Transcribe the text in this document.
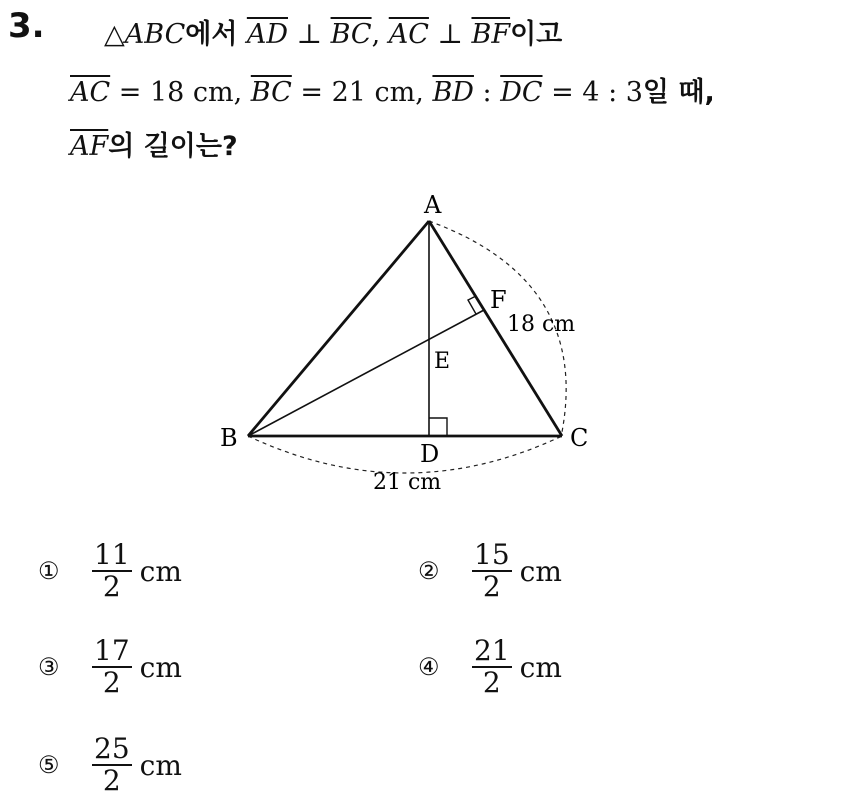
3. △ABC에서 $\overline{AD}$ ⊥ $\overline{BC}$, $\overline{AC}$ ⊥ $\overline{BF}$이고
$\overline{AC} = 18$ cm, $\overline{BC} = 21$ cm, $\overline{BD}$ : $\overline{DC} = 4$ : 3일 때,
$\overline{AF}$의 길이는?
A
B	C
D
E
F
18 cm
21 cm
①	$\frac{11}{2}$ cm	②	$\frac{15}{2}$ cm
③	$\frac{17}{2}$ cm	④	$\frac{21}{2}$ cm
⑤	$\frac{25}{2}$ cm
